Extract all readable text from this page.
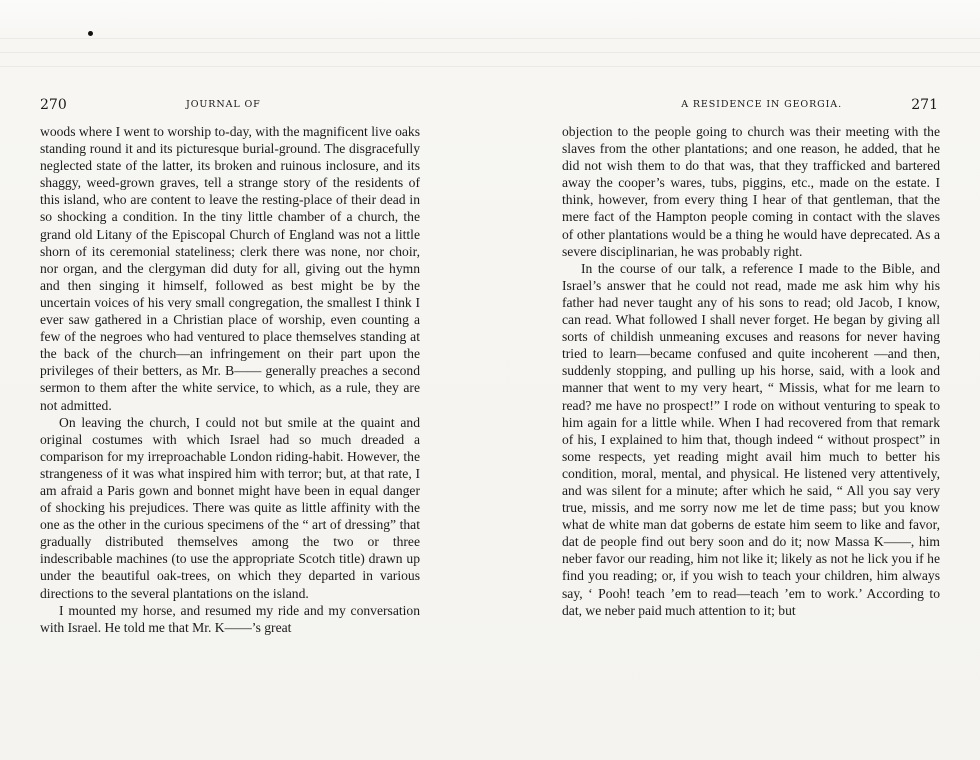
270	JOURNAL OF

woods where I went to worship to-day, with the magnificent live oaks standing round it and its picturesque burial-ground. The disgracefully neglected state of the latter, its broken and ruinous inclosure, and its shaggy, weed-grown graves, tell a strange story of the residents of this island, who are content to leave the resting-place of their dead in so shocking a condition. In the tiny little chamber of a church, the grand old Litany of the Episcopal Church of England was not a little shorn of its ceremonial stateliness; clerk there was none, nor choir, nor organ, and the clergyman did duty for all, giving out the hymn and then singing it himself, followed as best might be by the uncertain voices of his very small congregation, the smallest I think I ever saw gathered in a Christian place of worship, even counting a few of the negroes who had ventured to place themselves standing at the back of the church—an infringement on their part upon the privileges of their betters, as Mr. B—— generally preaches a second sermon to them after the white service, to which, as a rule, they are not admitted.

On leaving the church, I could not but smile at the quaint and original costumes with which Israel had so much dreaded a comparison for my irreproachable London riding-habit. However, the strangeness of it was what inspired him with terror; but, at that rate, I am afraid a Paris gown and bonnet might have been in equal danger of shocking his prejudices. There was quite as little affinity with the one as the other in the curious specimens of the “ art of dressing” that gradually distributed themselves among the two or three indescribable machines (to use the appropriate Scotch title) drawn up under the beautiful oak-trees, on which they departed in various directions to the several plantations on the island.

I mounted my horse, and resumed my ride and my conversation with Israel. He told me that Mr. K——’s great

A RESIDENCE IN GEORGIA.	271

objection to the people going to church was their meeting with the slaves from the other plantations; and one reason, he added, that he did not wish them to do that was, that they trafficked and bartered away the cooper’s wares, tubs, piggins, etc., made on the estate. I think, however, from every thing I hear of that gentleman, that the mere fact of the Hampton people coming in contact with the slaves of other plantations would be a thing he would have deprecated. As a severe disciplinarian, he was probably right.

In the course of our talk, a reference I made to the Bible, and Israel’s answer that he could not read, made me ask him why his father had never taught any of his sons to read; old Jacob, I know, can read. What followed I shall never forget. He began by giving all sorts of childish unmeaning excuses and reasons for never having tried to learn—became confused and quite incoherent —and then, suddenly stopping, and pulling up his horse, said, with a look and manner that went to my very heart, “ Missis, what for me learn to read? me have no prospect!” I rode on without venturing to speak to him again for a little while. When I had recovered from that remark of his, I explained to him that, though indeed “ without prospect” in some respects, yet reading might avail him much to better his condition, moral, mental, and physical. He listened very attentively, and was silent for a minute; after which he said, “ All you say very true, missis, and me sorry now me let de time pass; but you know what de white man dat goberns de estate him seem to like and favor, dat de people find out bery soon and do it; now Massa K——, him neber favor our reading, him not like it; likely as not he lick you if he find you reading; or, if you wish to teach your children, him always say, ‘ Pooh! teach ’em to read—teach ’em to work.’ According to dat, we neber paid much attention to it; but
